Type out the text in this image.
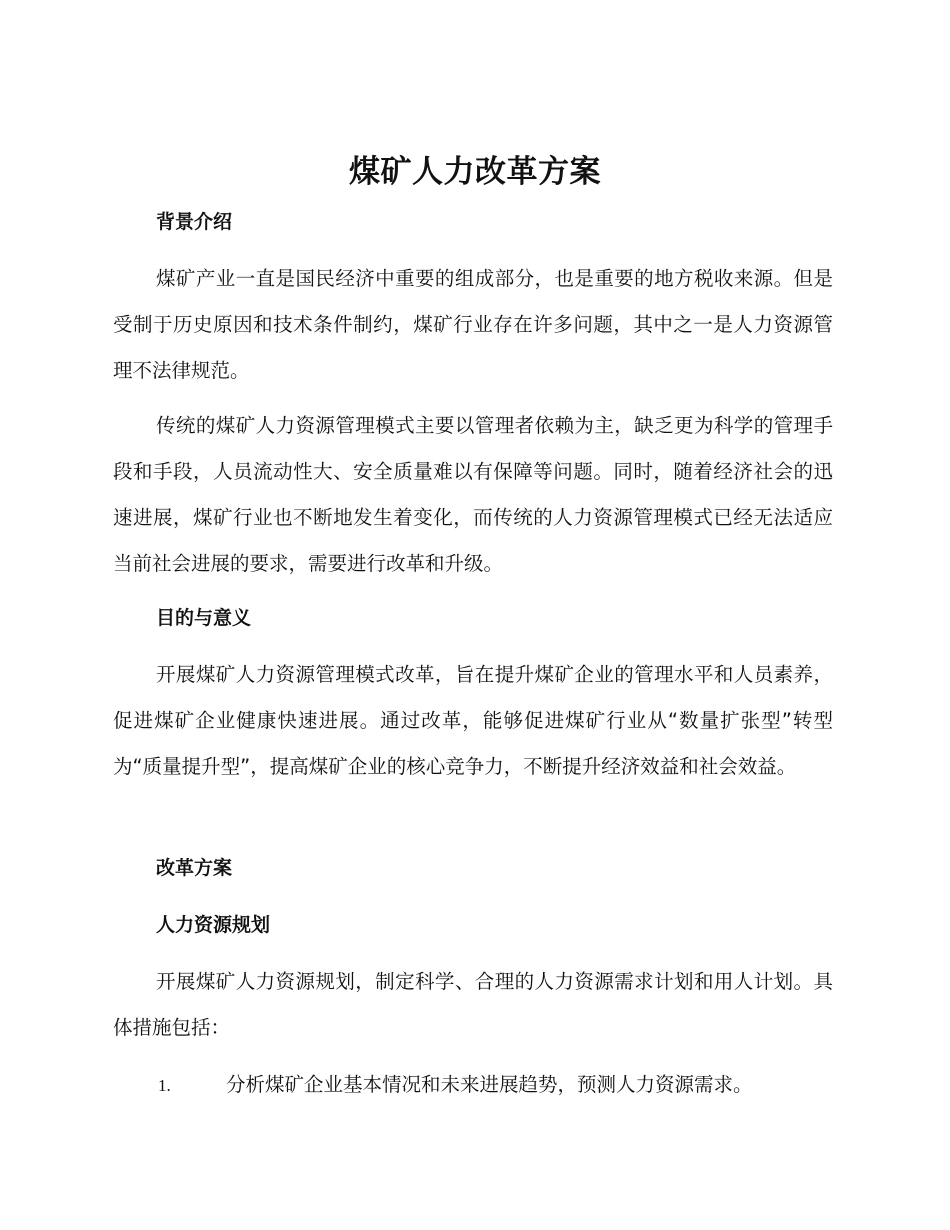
煤矿人力改革方案
背景介绍

煤矿产业一直是国民经济中重要的组成部分，也是重要的地方税收来源。但是受制于历史原因和技术条件制约，煤矿行业存在许多问题，其中之一是人力资源管理不法律规范。

传统的煤矿人力资源管理模式主要以管理者依赖为主，缺乏更为科学的管理手段和手段，人员流动性大、安全质量难以有保障等问题。同时，随着经济社会的迅速进展，煤矿行业也不断地发生着变化，而传统的人力资源管理模式已经无法适应当前社会进展的要求，需要进行改革和升级。

目的与意义

开展煤矿人力资源管理模式改革，旨在提升煤矿企业的管理水平和人员素养，促进煤矿企业健康快速进展。通过改革，能够促进煤矿行业从“数量扩张型”转型为“质量提升型”，提高煤矿企业的核心竞争力，不断提升经济效益和社会效益。

改革方案
人力资源规划

开展煤矿人力资源规划，制定科学、合理的人力资源需求计划和用人计划。具体措施包括：

1.	分析煤矿企业基本情况和未来进展趋势，预测人力资源需求。
